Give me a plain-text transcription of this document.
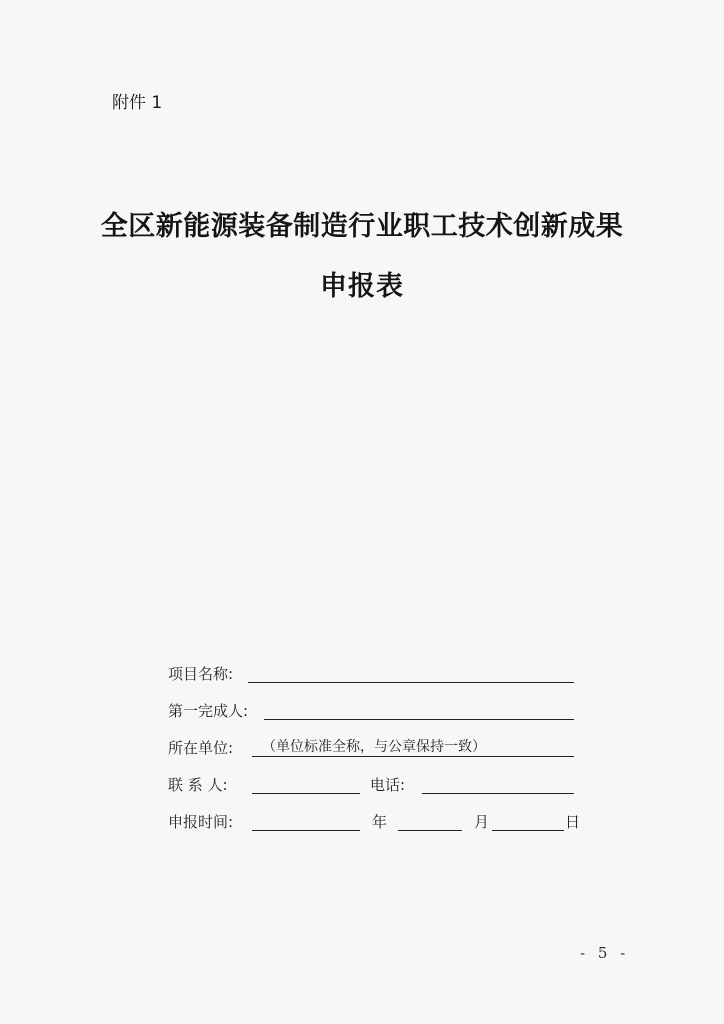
附件 1
全区新能源装备制造行业职工技术创新成果
申报表
项目名称:
第一完成人:
所在单位: （单位标准全称，与公章保持一致）
联 系 人:	电话:
申报时间:	年	月	日
- 5 -
